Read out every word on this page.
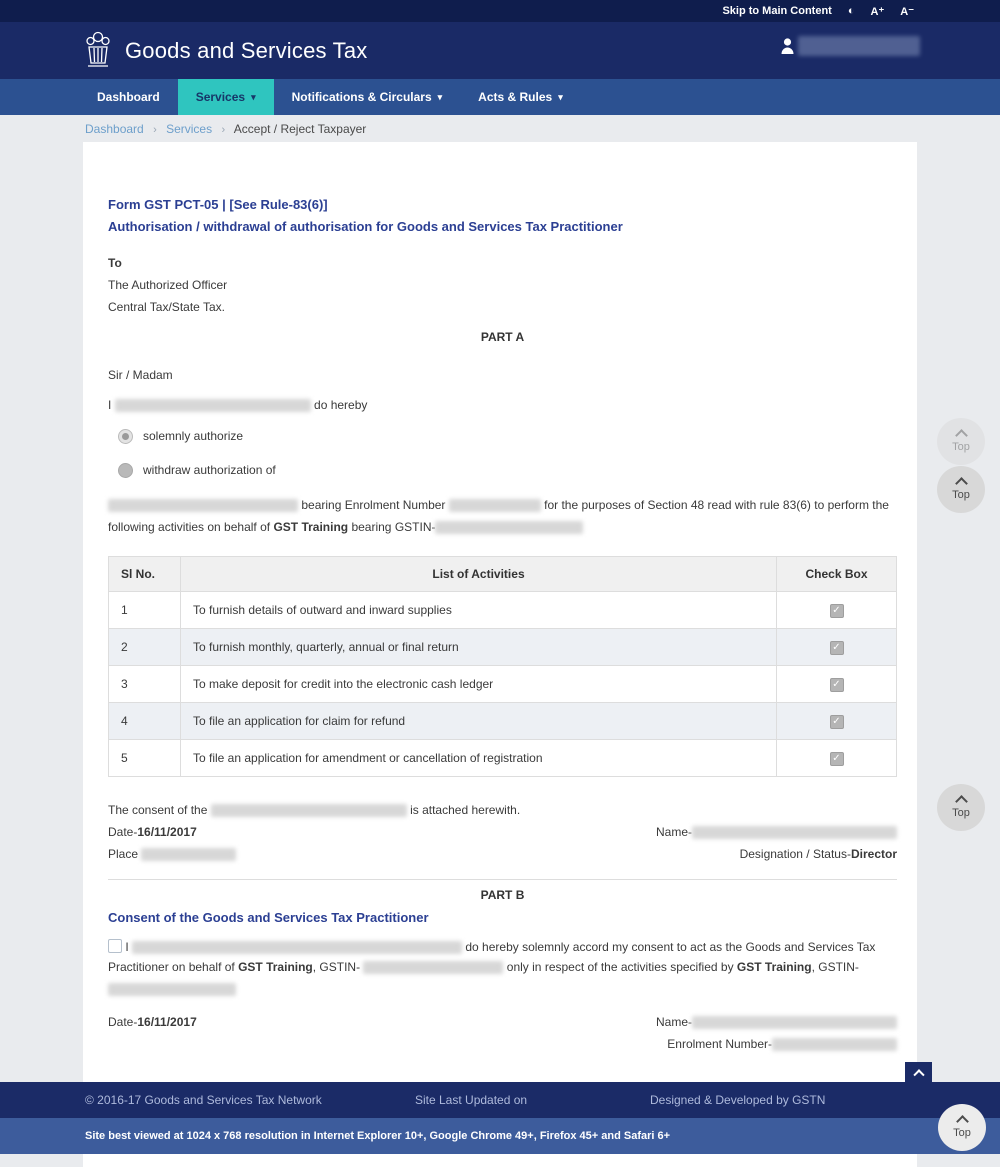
Skip to Main Content ◐ A⁺ A⁻
Goods and Services Tax
Dashboard	Services ▾	Notifications & Circulars ▾	Acts & Rules ▾
Dashboard › Services › Accept / Reject Taxpayer
Form GST PCT-05 | [See Rule-83(6)]
Authorisation / withdrawal of authorisation for Goods and Services Tax Practitioner
To
The Authorized Officer
Central Tax/State Tax.
PART A
Sir / Madam
I	do hereby
solemnly authorize
withdraw authorization of
bearing Enrolment Number	for the purposes of Section 48 read with rule 83(6) to perform the following activities on behalf of GST Training bearing GSTIN-
Sl No.	List of Activities	Check Box
1	To furnish details of outward and inward supplies	✓
2	To furnish monthly, quarterly, annual or final return	✓
3	To make deposit for credit into the electronic cash ledger	✓
4	To file an application for claim for refund	✓
5	To file an application for amendment or cancellation of registration	✓
The consent of the	is attached herewith.
Date-16/11/2017	Name-
Place	Designation / Status-Director
PART B
Consent of the Goods and Services Tax Practitioner
I	do hereby solemnly accord my consent to act as the Goods and Services Tax Practitioner on behalf of GST Training, GSTIN-	only in respect of the activities specified by GST Training, GSTIN-

Date-16/11/2017	Name-
Enrolment Number-
Top
Top
Top
Top
© 2016-17 Goods and Services Tax Network	Site Last Updated on	Designed & Developed by GSTN
Site best viewed at 1024 x 768 resolution in Internet Explorer 10+, Google Chrome 49+, Firefox 45+ and Safari 6+
